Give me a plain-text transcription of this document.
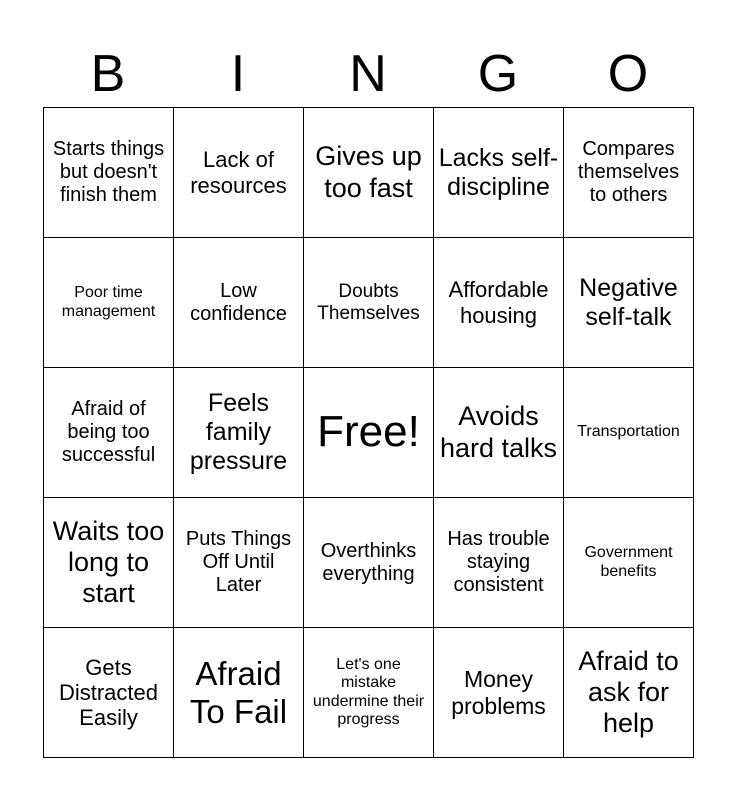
B	I	N	G	O
Starts things but doesn't finish them	Lack of resources	Gives up too fast	Lacks self-discipline	Compares themselves to others
Poor time management	Low confidence	Doubts Themselves	Affordable housing	Negative self-talk
Afraid of being too successful	Feels family pressure	Free!	Avoids hard talks	Transportation
Waits too long to start	Puts Things Off Until Later	Overthinks everything	Has trouble staying consistent	Government benefits
Gets Distracted Easily	Afraid To Fail	Let's one mistake undermine their progress	Money problems	Afraid to ask for help
